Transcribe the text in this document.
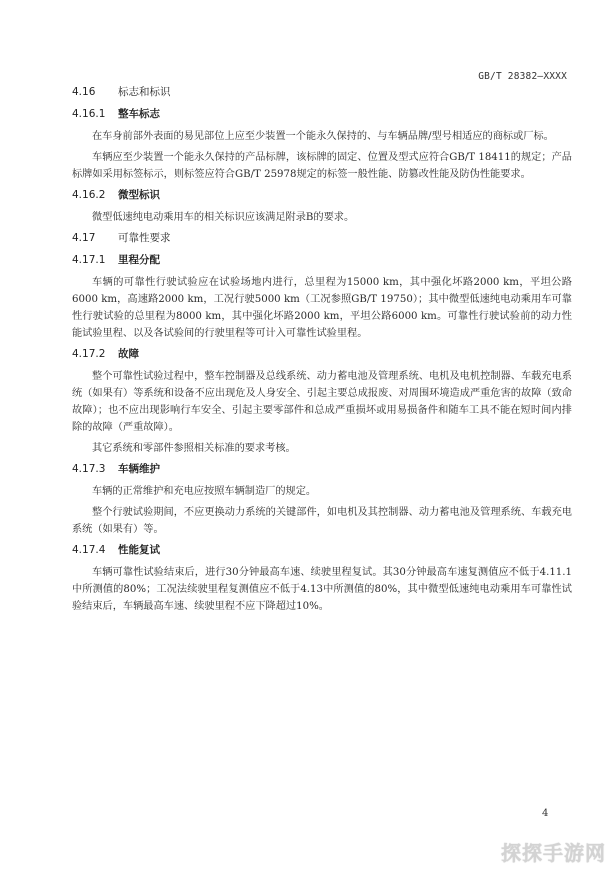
GB/T 28382—XXXX

4.16 标志和标识

4.16.1 整车标志

在车身前部外表面的易见部位上应至少装置一个能永久保持的、与车辆品牌/型号相适应的商标或厂标。

车辆应至少装置一个能永久保持的产品标牌，该标牌的固定、位置及型式应符合GB/T 18411的规定；产品标牌如采用标签标示，则标签应符合GB/T 25978规定的标签一般性能、防篡改性能及防伪性能要求。

4.16.2 微型标识

微型低速纯电动乘用车的相关标识应该满足附录B的要求。

4.17 可靠性要求

4.17.1 里程分配

车辆的可靠性行驶试验应在试验场地内进行，总里程为15000 km，其中强化坏路2000 km，平坦公路6000 km，高速路2000 km，工况行驶5000 km（工况参照GB/T 19750）；其中微型低速纯电动乘用车可靠性行驶试验的总里程为8000 km，其中强化坏路2000 km，平坦公路6000 km。可靠性行驶试验前的动力性能试验里程、以及各试验间的行驶里程等可计入可靠性试验里程。

4.17.2 故障

整个可靠性试验过程中，整车控制器及总线系统、动力蓄电池及管理系统、电机及电机控制器、车载充电系统（如果有）等系统和设备不应出现危及人身安全、引起主要总成报废、对周围环境造成严重危害的故障（致命故障）；也不应出现影响行车安全、引起主要零部件和总成严重损坏或用易损备件和随车工具不能在短时间内排除的故障（严重故障）。

其它系统和零部件参照相关标准的要求考核。

4.17.3 车辆维护

车辆的正常维护和充电应按照车辆制造厂的规定。

整个行驶试验期间，不应更换动力系统的关键部件，如电机及其控制器、动力蓄电池及管理系统、车载充电系统（如果有）等。

4.17.4 性能复试

车辆可靠性试验结束后，进行30分钟最高车速、续驶里程复试。其30分钟最高车速复测值应不低于4.11.1中所测值的80%；工况法续驶里程复测值应不低于4.13中所测值的80%，其中微型低速纯电动乘用车可靠性试验结束后，车辆最高车速、续驶里程不应下降超过10%。

4
探探手游网
